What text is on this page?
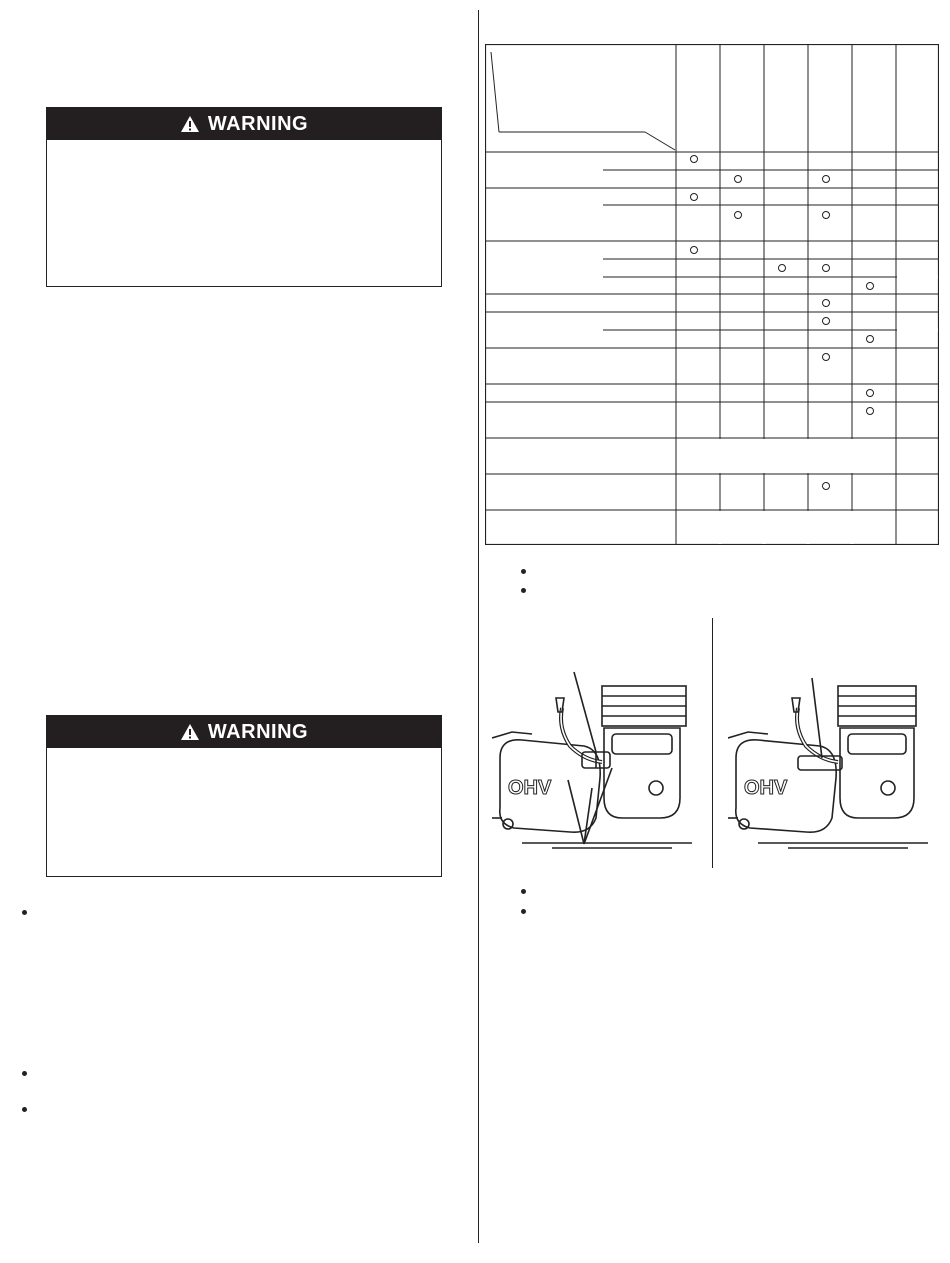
WARNING
WARNING
OHV	OHV
